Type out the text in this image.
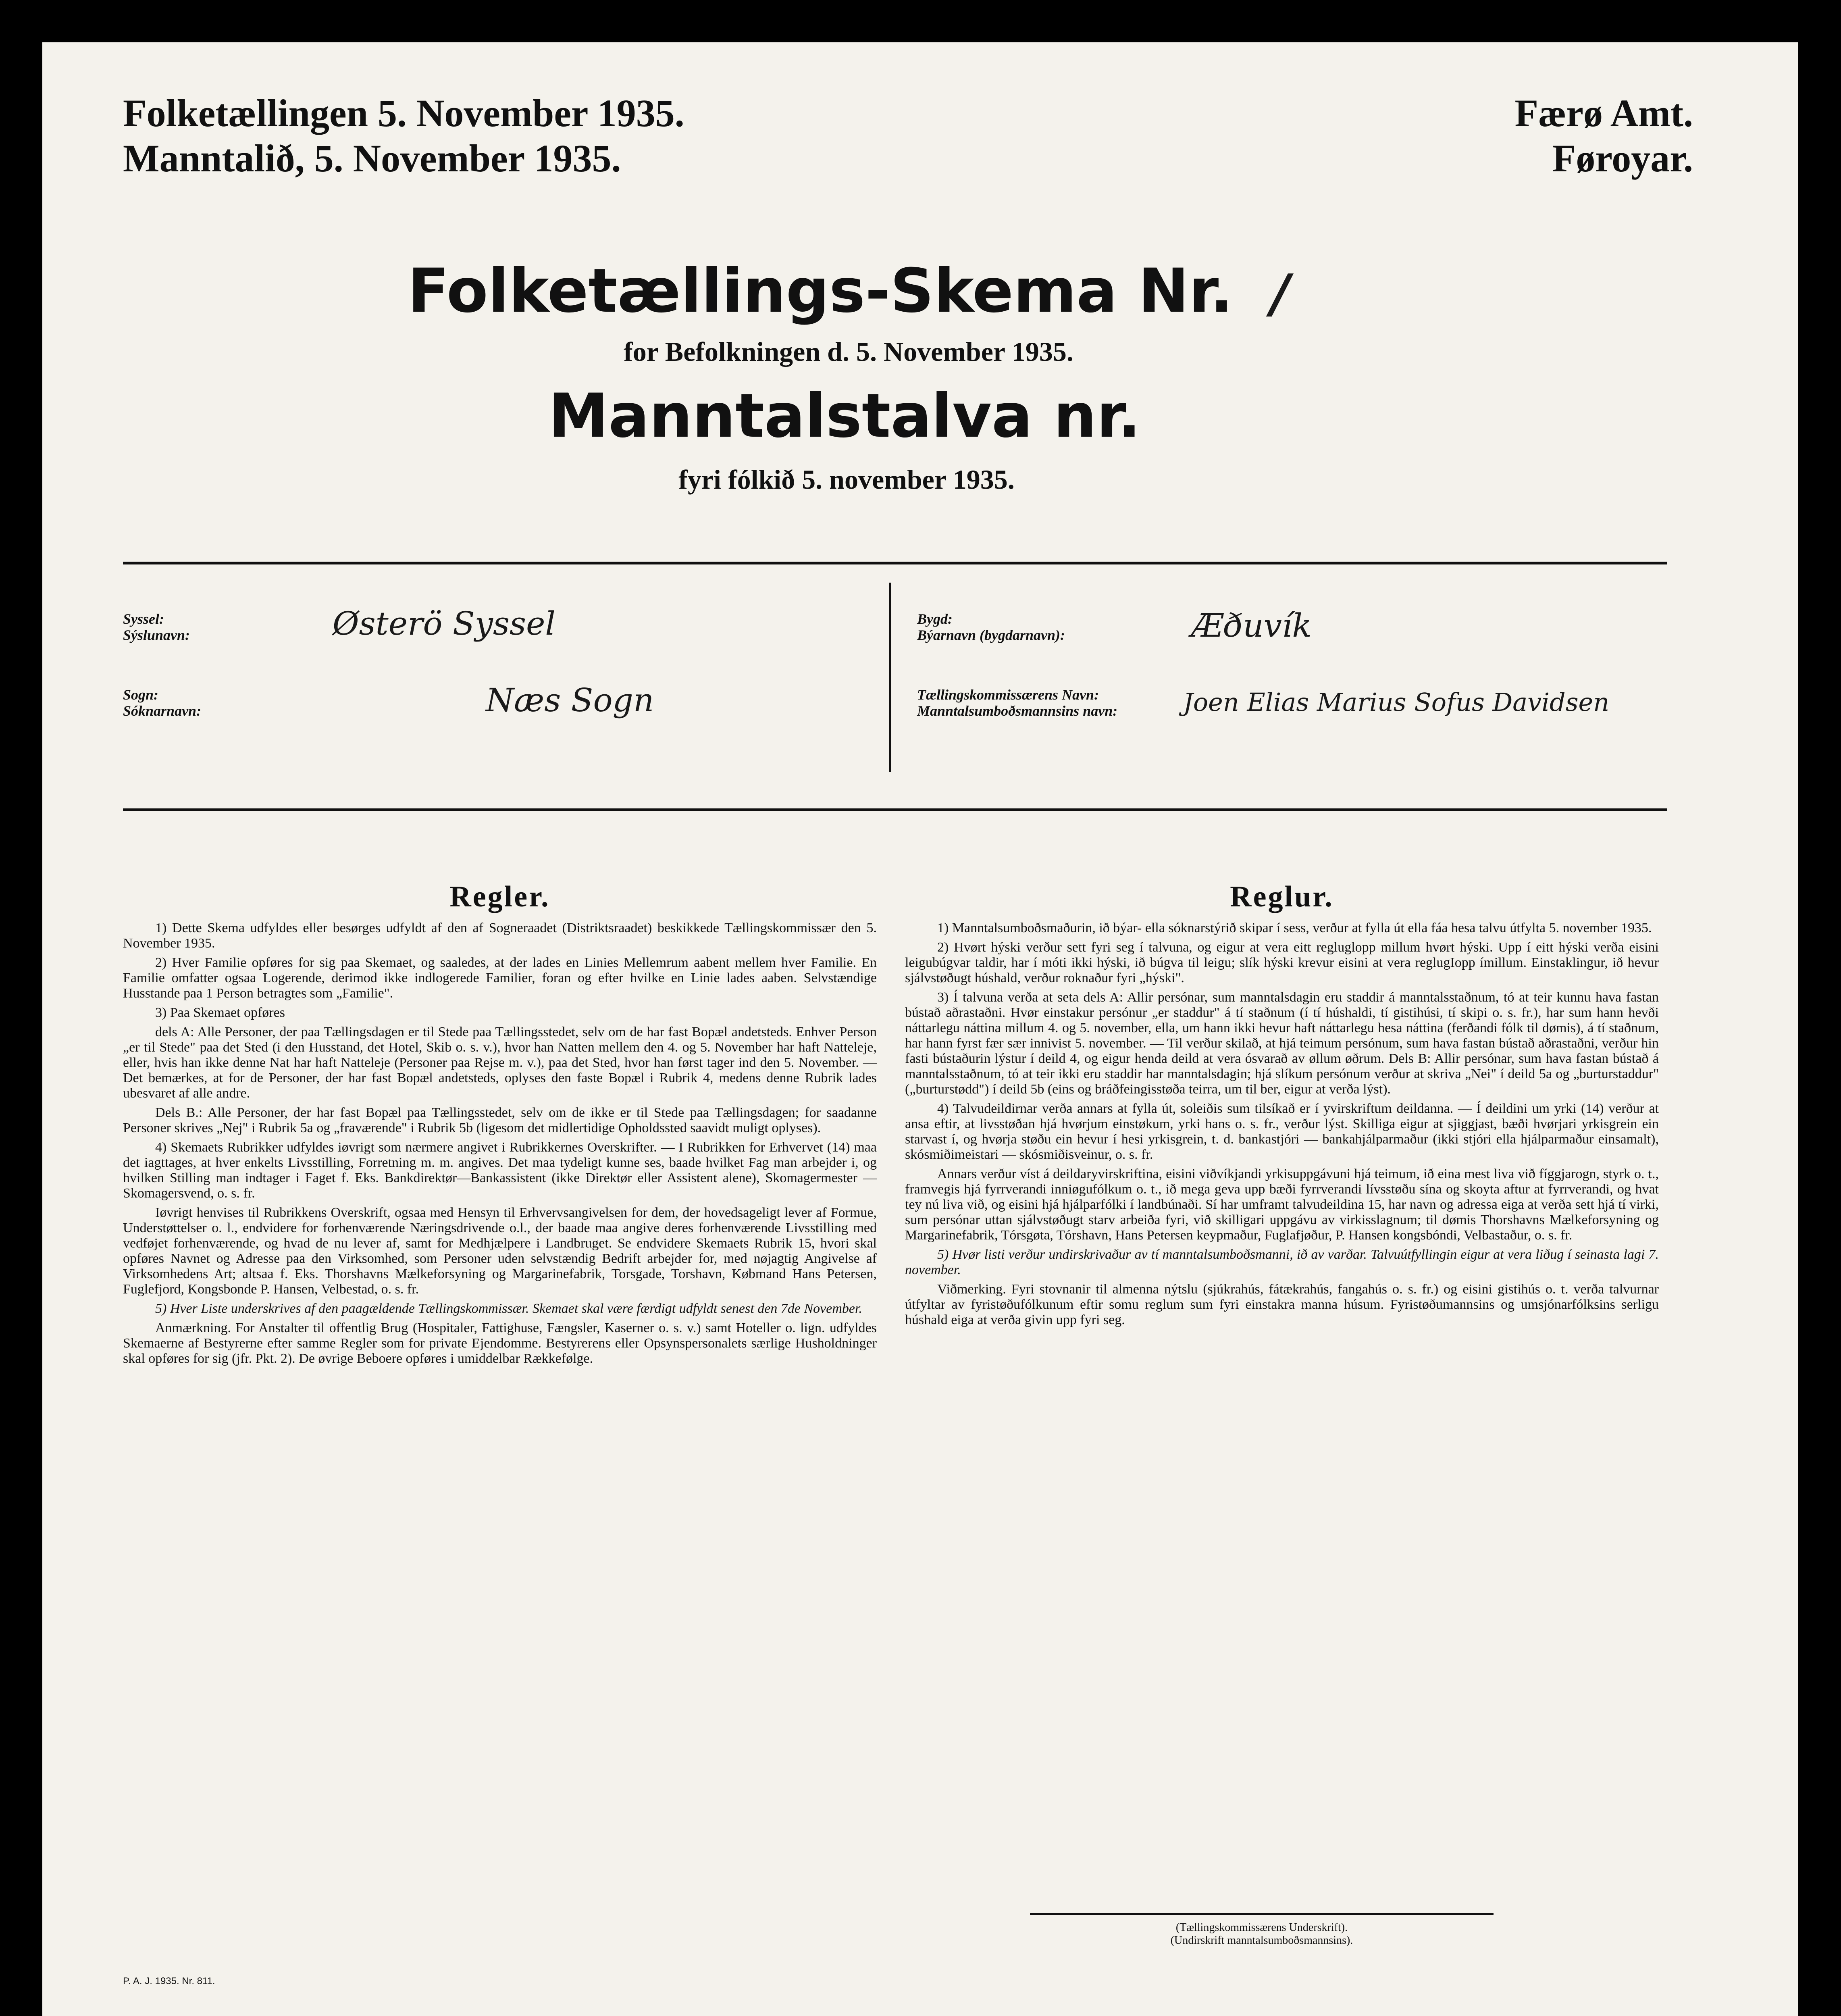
Folketællingen 5. November 1935.
Manntalið, 5. November 1935.
Færø Amt.
Føroyar.
Folketællings-Skema Nr. /
for Befolkningen d. 5. November 1935.
Manntalstalva nr.
fyri fólkið 5. november 1935.
Syssel:
Sýslunavn:	Østerö Syssel
Sogn:
Sóknarnavn:	Næs Sogn
Bygd:
Býarnavn (bygdarnavn):	Æðuvík
Tællingskommissærens Navn:
Manntalsumboðsmannsins navn:	Joen Elias Marius Sofus Davidsen
Regler.

1) Dette Skema udfyldes eller besørges udfyldt af den af Sogneraadet (Distriktsraadet) beskikkede Tællingskommissær den 5. November 1935.

2) Hver Familie opføres for sig paa Skemaet, og saaledes, at der lades en Linies Mellemrum aabent mellem hver Familie. En Familie omfatter ogsaa Logerende, derimod ikke indlogerede Familier, foran og efter hvilke en Linie lades aaben. Selvstændige Husstande paa 1 Person betragtes som „Familie".

3) Paa Skemaet opføres

dels A: Alle Personer, der paa Tællingsdagen er til Stede paa Tællingsstedet, selv om de har fast Bopæl andetsteds. Enhver Person „er til Stede" paa det Sted (i den Husstand, det Hotel, Skib o. s. v.), hvor han Natten mellem den 4. og 5. November har haft Natteleje, eller, hvis han ikke denne Nat har haft Natteleje (Personer paa Rejse m. v.), paa det Sted, hvor han først tager ind den 5. November. — Det bemærkes, at for de Personer, der har fast Bopæl andetsteds, oplyses den faste Bopæl i Rubrik 4, medens denne Rubrik lades ubesvaret af alle andre.

Dels B.: Alle Personer, der har fast Bopæl paa Tællingsstedet, selv om de ikke er til Stede paa Tællingsdagen; for saadanne Personer skrives „Nej" i Rubrik 5a og „fraværende" i Rubrik 5b (ligesom det midlertidige Opholdssted saavidt muligt oplyses).

4) Skemaets Rubrikker udfyldes iøvrigt som nærmere angivet i Rubrikkernes Overskrifter. — I Rubrikken for Erhvervet (14) maa det iagttages, at hver enkelts Livsstilling, Forretning m. m. angives. Det maa tydeligt kunne ses, baade hvilket Fag man arbejder i, og hvilken Stilling man indtager i Faget f. Eks. Bankdirektør—Bankassistent (ikke Direktør eller Assistent alene), Skomagermester — Skomagersvend, o. s. fr.

Iøvrigt henvises til Rubrikkens Overskrift, ogsaa med Hensyn til Erhvervsangivelsen for dem, der hovedsageligt lever af Formue, Understøttelser o. l., endvidere for forhenværende Næringsdrivende o.l., der baade maa angive deres forhenværende Livsstilling med vedføjet forhenværende, og hvad de nu lever af, samt for Medhjælpere i Landbruget. Se endvidere Skemaets Rubrik 15, hvori skal opføres Navnet og Adresse paa den Virksomhed, som Personer uden selvstændig Bedrift arbejder for, med nøjagtig Angivelse af Virksomhedens Art; altsaa f. Eks. Thorshavns Mælkeforsyning og Margarinefabrik, Torsgade, Torshavn, Købmand Hans Petersen, Fuglefjord, Kongsbonde P. Hansen, Velbestad, o. s. fr.

5) Hver Liste underskrives af den paagældende Tællingskommissær. Skemaet skal være færdigt udfyldt senest den 7de November.

Anmærkning. For Anstalter til offentlig Brug (Hospitaler, Fattighuse, Fængsler, Kaserner o. s. v.) samt Hoteller o. lign. udfyldes Skemaerne af Bestyrerne efter samme Regler som for private Ejendomme. Bestyrerens eller Opsynspersonalets særlige Husholdninger skal opføres for sig (jfr. Pkt. 2). De øvrige Beboere opføres i umiddelbar Rækkefølge.

Reglur.

1) Manntalsumboðsmaðurin, ið býar- ella sóknarstýrið skipar í sess, verður at fylla út ella fáa hesa talvu útfylta 5. november 1935.

2) Hvørt hýski verður sett fyri seg í talvuna, og eigur at vera eitt regluglopp millum hvørt hýski. Upp í eitt hýski verða eisini leigubúgvar taldir, har í móti ikki hýski, ið búgva til leigu; slík hýski krevur eisini at vera reglugIopp ímillum. Einstaklingur, ið hevur sjálvstøðugt húshald, verður roknaður fyri „hýski".

3) Í talvuna verða at seta dels A: Allir persónar, sum manntalsdagin eru staddir á manntalsstaðnum, tó at teir kunnu hava fastan bústað aðrastaðni. Hvør einstakur persónur „er staddur" á tí staðnum (í tí húshaldi, tí gistihúsi, tí skipi o. s. fr.), har sum hann hevði náttarlegu náttina millum 4. og 5. november, ella, um hann ikki hevur haft náttarlegu hesa náttina (ferðandi fólk til dømis), á tí staðnum, har hann fyrst fær sær innivist 5. november. — Til verður skilað, at hjá teimum persónum, sum hava fastan bústað aðrastaðni, verður hin fasti bústaðurin lýstur í deild 4, og eigur henda deild at vera ósvarað av øllum øðrum. Dels B: Allir persónar, sum hava fastan bústað á manntalsstaðnum, tó at teir ikki eru staddir har manntalsdagin; hjá slíkum persónum verður at skriva „Nei" í deild 5a og „burturstaddur" („burturstødd") í deild 5b (eins og bráðfeingisstøða teirra, um til ber, eigur at verða lýst).

4) Talvudeildirnar verða annars at fylla út, soleiðis sum tilsíkað er í yvirskriftum deildanna. — Í deildini um yrki (14) verður at ansa eftir, at livsstøðan hjá hvørjum einstøkum, yrki hans o. s. fr., verður lýst. Skilliga eigur at sjiggjast, bæði hvørjari yrkisgrein ein starvast í, og hvørja støðu ein hevur í hesi yrkisgrein, t. d. bankastjóri — bankahjálparmaður (ikki stjóri ella hjálparmaður einsamalt), skósmiðimeistari — skósmiðisveinur, o. s. fr.

Annars verður víst á deildaryvirskriftina, eisini viðvíkjandi yrkisuppgávuni hjá teimum, ið eina mest liva við fíggjarogn, styrk o. t., framvegis hjá fyrrverandi inniøgufólkum o. t., ið mega geva upp bæði fyrrverandi lívsstøðu sína og skoyta aftur at fyrrverandi, og hvat tey nú liva við, og eisini hjá hjálparfólki í landbúnaði. Sí har umframt talvudeildina 15, har navn og adressa eiga at verða sett hjá tí virki, sum persónar uttan sjálvstøðugt starv arbeiða fyri, við skilligari uppgávu av virkisslagnum; til dømis Thorshavns Mælkeforsyning og Margarinefabrik, Tórsgøta, Tórshavn, Hans Petersen keypmaður, Fuglafjøður, P. Hansen kongsbóndi, Velbastaður, o. s. fr.

5) Hvør listi verður undirskrivaður av tí manntalsumboðsmanni, ið av varðar. Talvuútfyllingin eigur at vera liðug í seinasta lagi 7. november.

Viðmerking. Fyri stovnanir til almenna nýtslu (sjúkrahús, fátækrahús, fangahús o. s. fr.) og eisini gistihús o. t. verða talvurnar útfyltar av fyristøðufólkunum eftir somu reglum sum fyri einstakra manna húsum. Fyristøðumannsins og umsjónarfólksins serligu húshald eiga at verða givin upp fyri seg.

(Tællingskommissærens Underskrift).
(Undirskrift manntalsumboðsmannsins).
P. A. J. 1935. Nr. 811.
